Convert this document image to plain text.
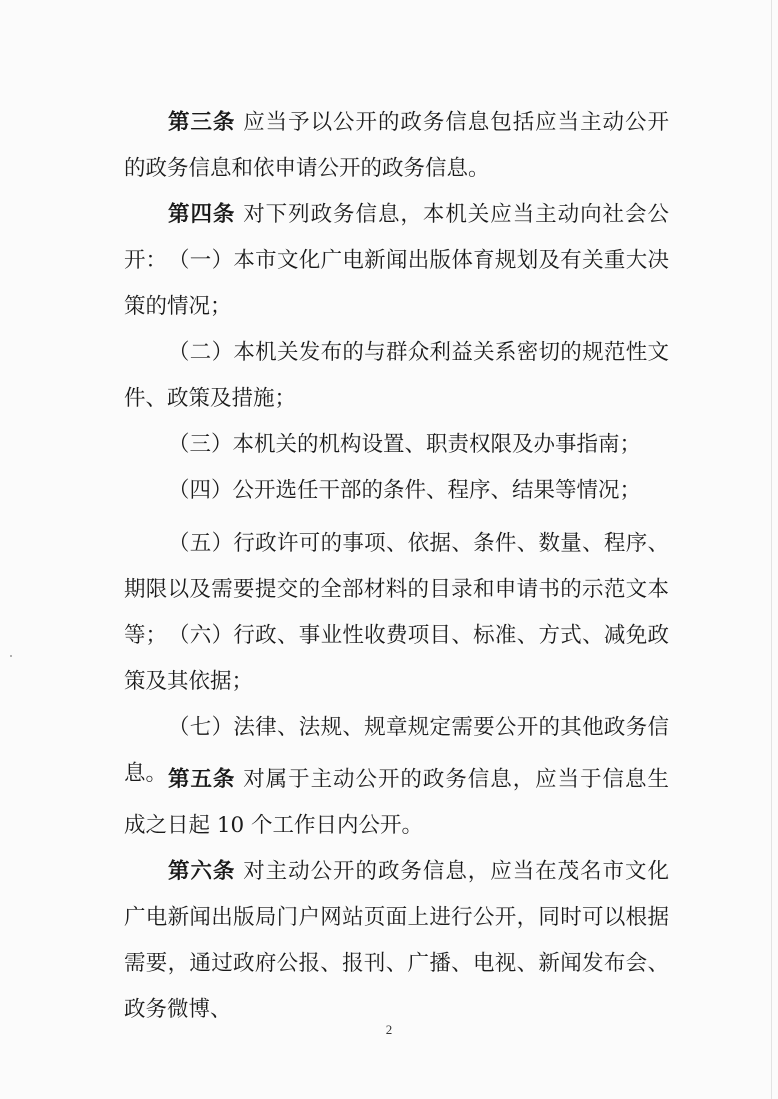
第三条 应当予以公开的政务信息包括应当主动公开的政务信息和依申请公开的政务信息。

第四条 对下列政务信息，本机关应当主动向社会公开： （一）本市文化广电新闻出版体育规划及有关重大决策的情况；

（二）本机关发布的与群众利益关系密切的规范性文件、政策及措施；

（三）本机关的机构设置、职责权限及办事指南；

（四）公开选任干部的条件、程序、结果等情况；

（五）行政许可的事项、依据、条件、数量、程序、期限以及需要提交的全部材料的目录和申请书的示范文本等； （六）行政、事业性收费项目、标准、方式、减免政策及其依据；

（七）法律、法规、规章规定需要公开的其他政务信息。 第五条 对属于主动公开的政务信息，应当于信息生成之日起 10 个工作日内公开。

第六条 对主动公开的政务信息，应当在茂名市文化广电新闻出版局门户网站页面上进行公开，同时可以根据需要，通过政府公报、报刊、广播、电视、新闻发布会、政务微博、

2
